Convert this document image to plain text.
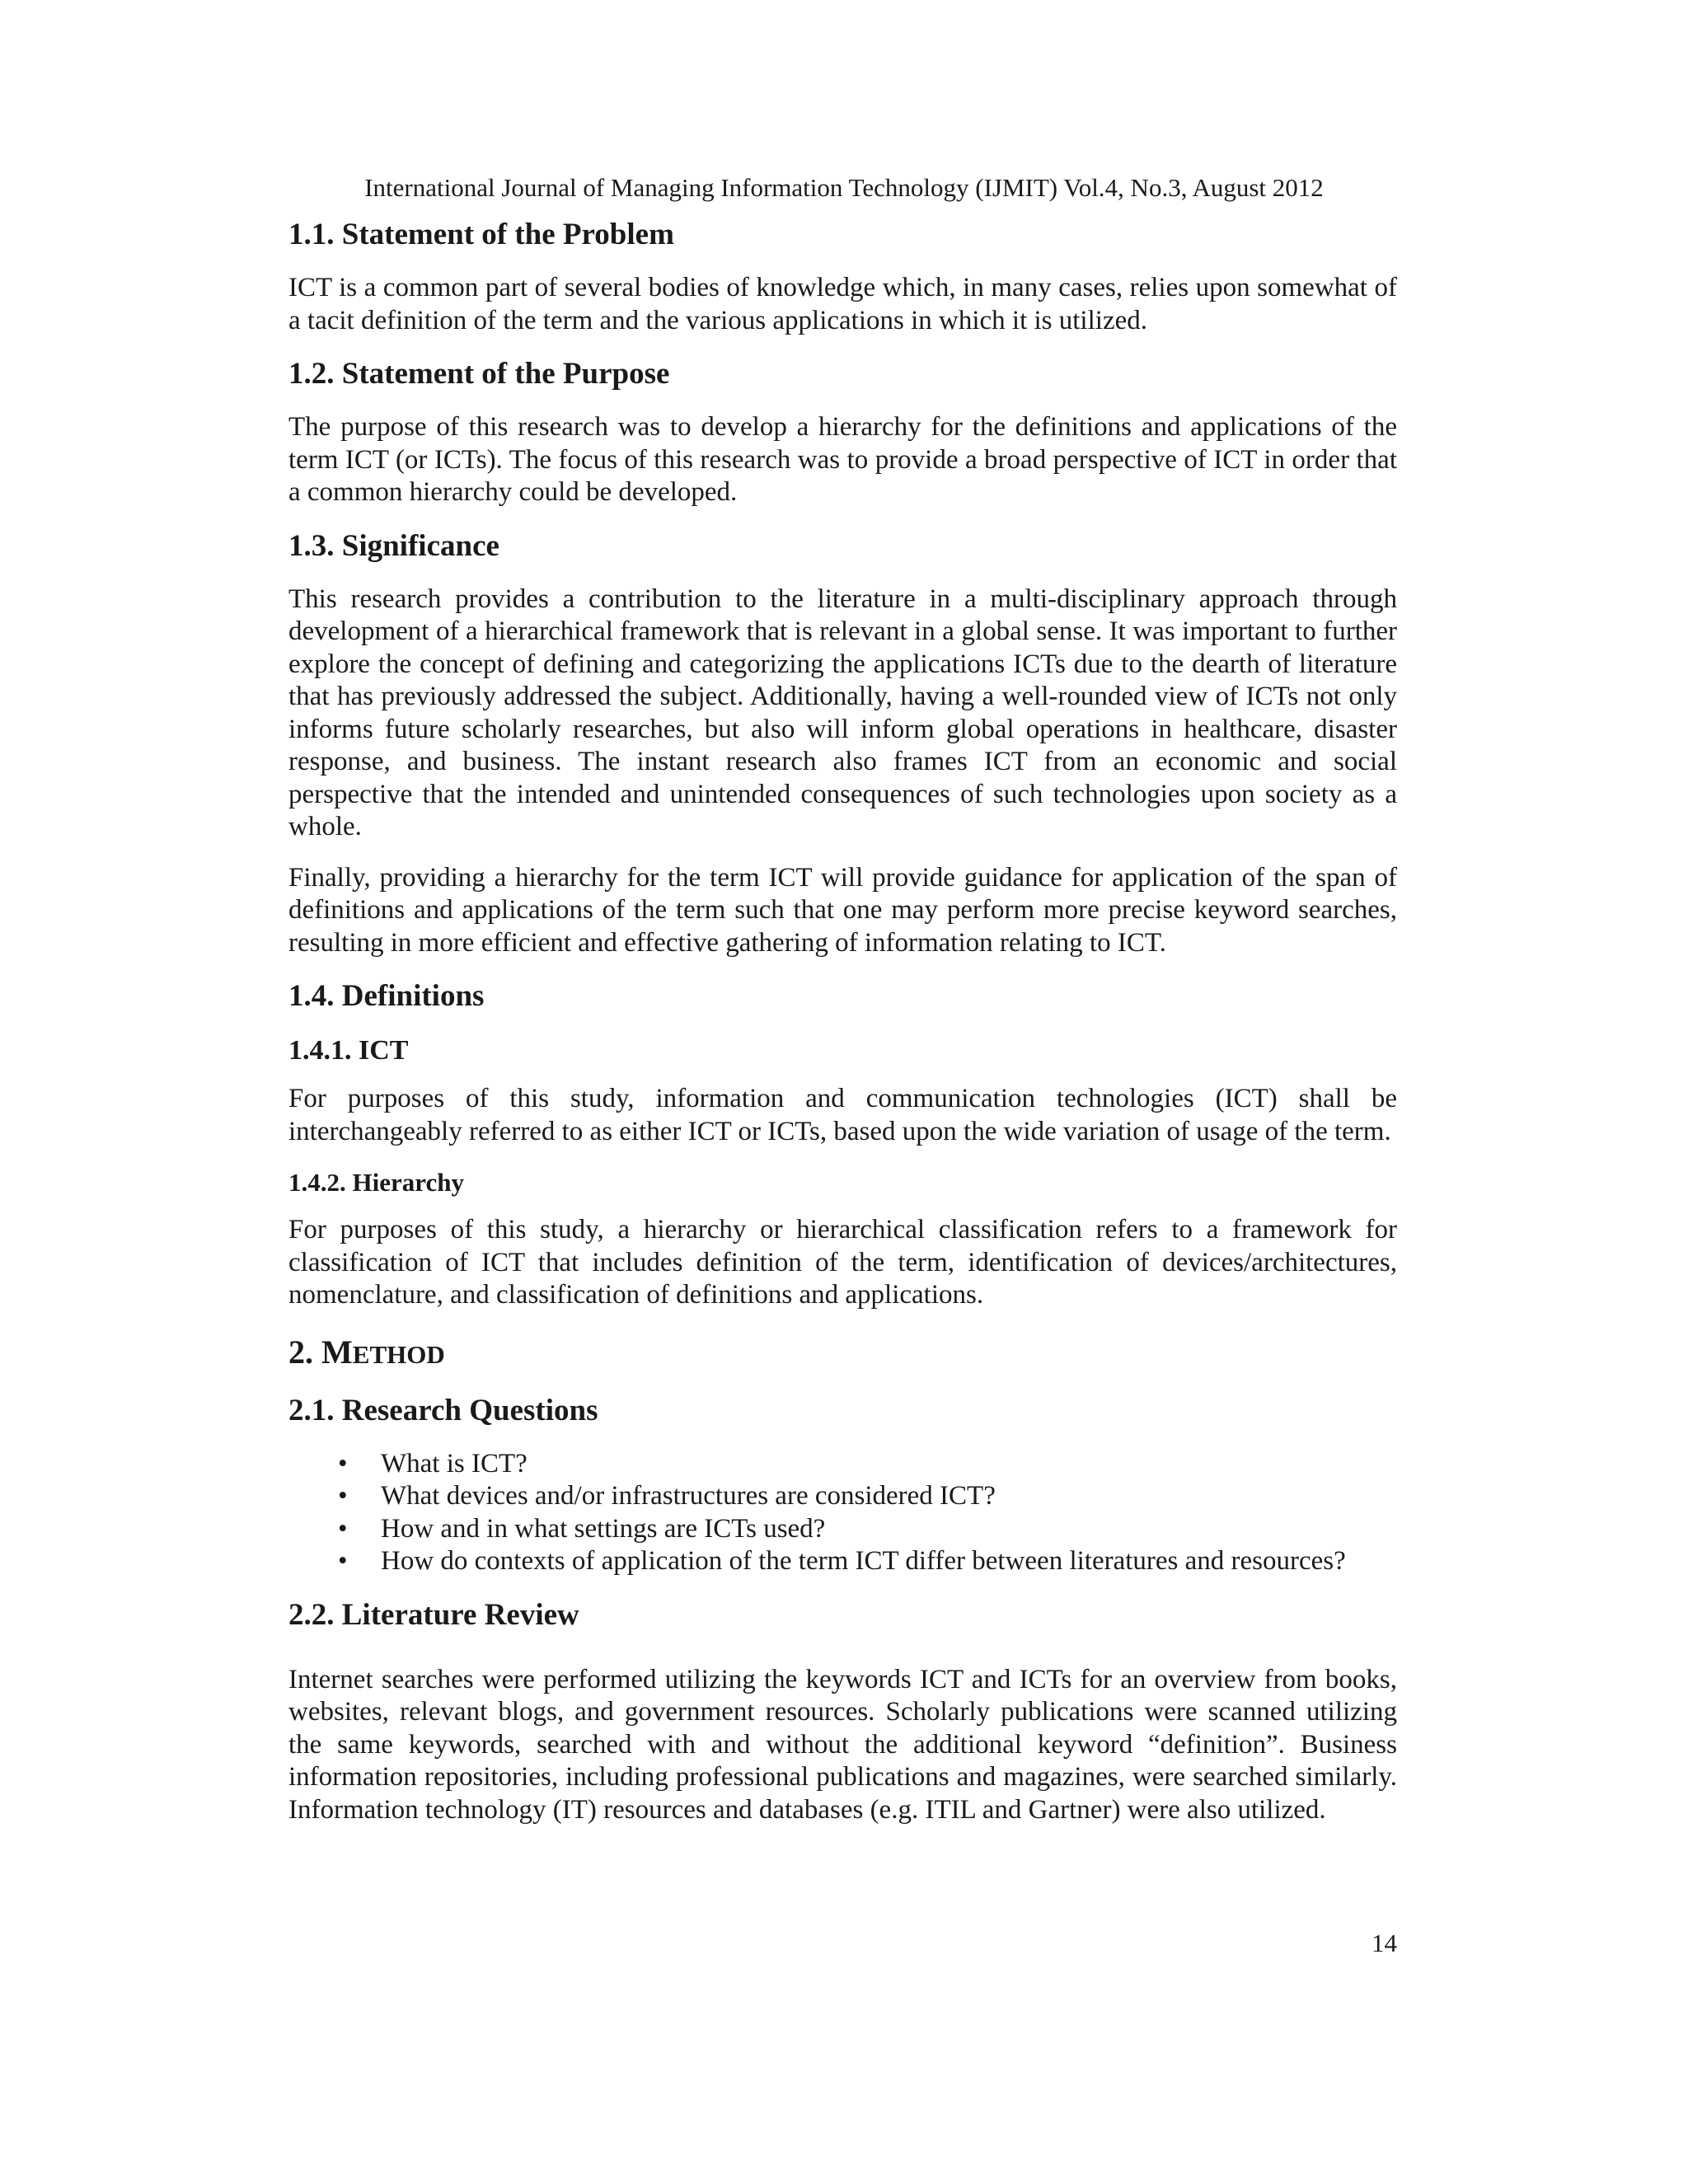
International Journal of Managing Information Technology (IJMIT) Vol.4, No.3, August 2012
1.1. Statement of the Problem

ICT is a common part of several bodies of knowledge which, in many cases, relies upon somewhat of a tacit definition of the term and the various applications in which it is utilized.

1.2. Statement of the Purpose

The purpose of this research was to develop a hierarchy for the definitions and applications of the term ICT (or ICTs). The focus of this research was to provide a broad perspective of ICT in order that a common hierarchy could be developed.

1.3. Significance

This research provides a contribution to the literature in a multi-disciplinary approach through development of a hierarchical framework that is relevant in a global sense. It was important to further explore the concept of defining and categorizing the applications ICTs due to the dearth of literature that has previously addressed the subject. Additionally, having a well-rounded view of ICTs not only informs future scholarly researches, but also will inform global operations in healthcare, disaster response, and business. The instant research also frames ICT from an economic and social perspective that the intended and unintended consequences of such technologies upon society as a whole.

Finally, providing a hierarchy for the term ICT will provide guidance for application of the span of definitions and applications of the term such that one may perform more precise keyword searches, resulting in more efficient and effective gathering of information relating to ICT.

1.4. Definitions
1.4.1. ICT

For purposes of this study, information and communication technologies (ICT) shall be interchangeably referred to as either ICT or ICTs, based upon the wide variation of usage of the term.

1.4.2. Hierarchy

For purposes of this study, a hierarchy or hierarchical classification refers to a framework for classification of ICT that includes definition of the term, identification of devices/architectures, nomenclature, and classification of definitions and applications.

2. METHOD
2.1. Research Questions
• What is ICT?
• What devices and/or infrastructures are considered ICT?
• How and in what settings are ICTs used?
• How do contexts of application of the term ICT differ between literatures and resources?
2.2. Literature Review

Internet searches were performed utilizing the keywords ICT and ICTs for an overview from books, websites, relevant blogs, and government resources. Scholarly publications were scanned utilizing the same keywords, searched with and without the additional keyword “definition”. Business information repositories, including professional publications and magazines, were searched similarly. Information technology (IT) resources and databases (e.g. ITIL and Gartner) were also utilized.

14
